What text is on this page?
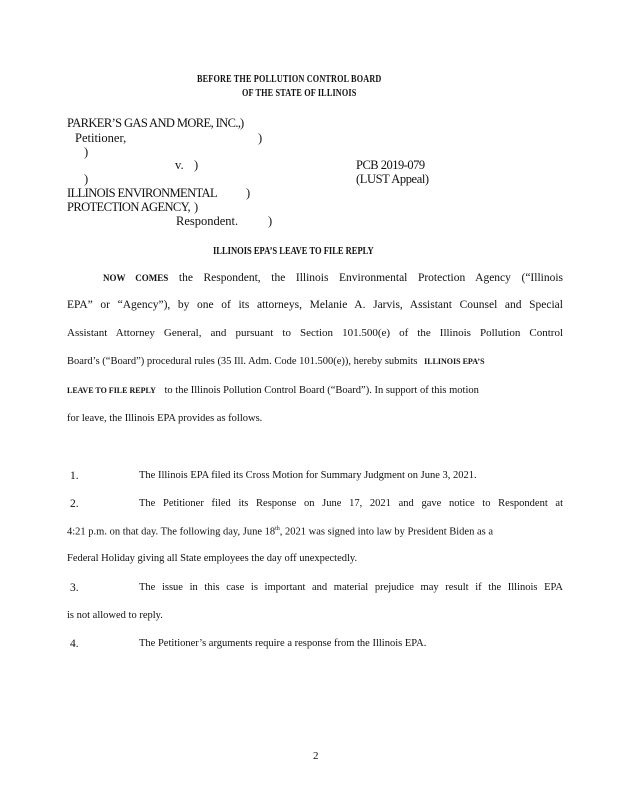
BEFORE THE POLLUTION CONTROL BOARD
OF THE STATE OF ILLINOIS
PARKER’S GAS AND MORE, INC., )
Petitioner,	)
)
v. )	PCB 2019-079
)	(LUST Appeal)
ILLINOIS ENVIRONMENTAL )
PROTECTION AGENCY, )
Respondent. )
ILLINOIS EPA’S LEAVE TO FILE REPLY
NOW COMES the Respondent, the Illinois Environmental Protection Agency (“Illinois
EPA” or “Agency”), by one of its attorneys, Melanie A. Jarvis, Assistant Counsel and Special
Assistant Attorney General, and pursuant to Section 101.500(e) of the Illinois Pollution Control
Board’s (“Board”) procedural rules (35 Ill. Adm. Code 101.500(e)), hereby submits ILLINOIS EPA’S
LEAVE TO FILE REPLY to the Illinois Pollution Control Board (“Board”). In support of this motion
for leave, the Illinois EPA provides as follows.
1.	The Illinois EPA filed its Cross Motion for Summary Judgment on June 3, 2021.
2.	The Petitioner filed its Response on June 17, 2021 and gave notice to Respondent at
4:21 p.m. on that day. The following day, June 18th, 2021 was signed into law by President Biden as a
Federal Holiday giving all State employees the day off unexpectedly.
3.	The issue in this case is important and material prejudice may result if the Illinois EPA
is not allowed to reply.
4.	The Petitioner’s arguments require a response from the Illinois EPA.
2
